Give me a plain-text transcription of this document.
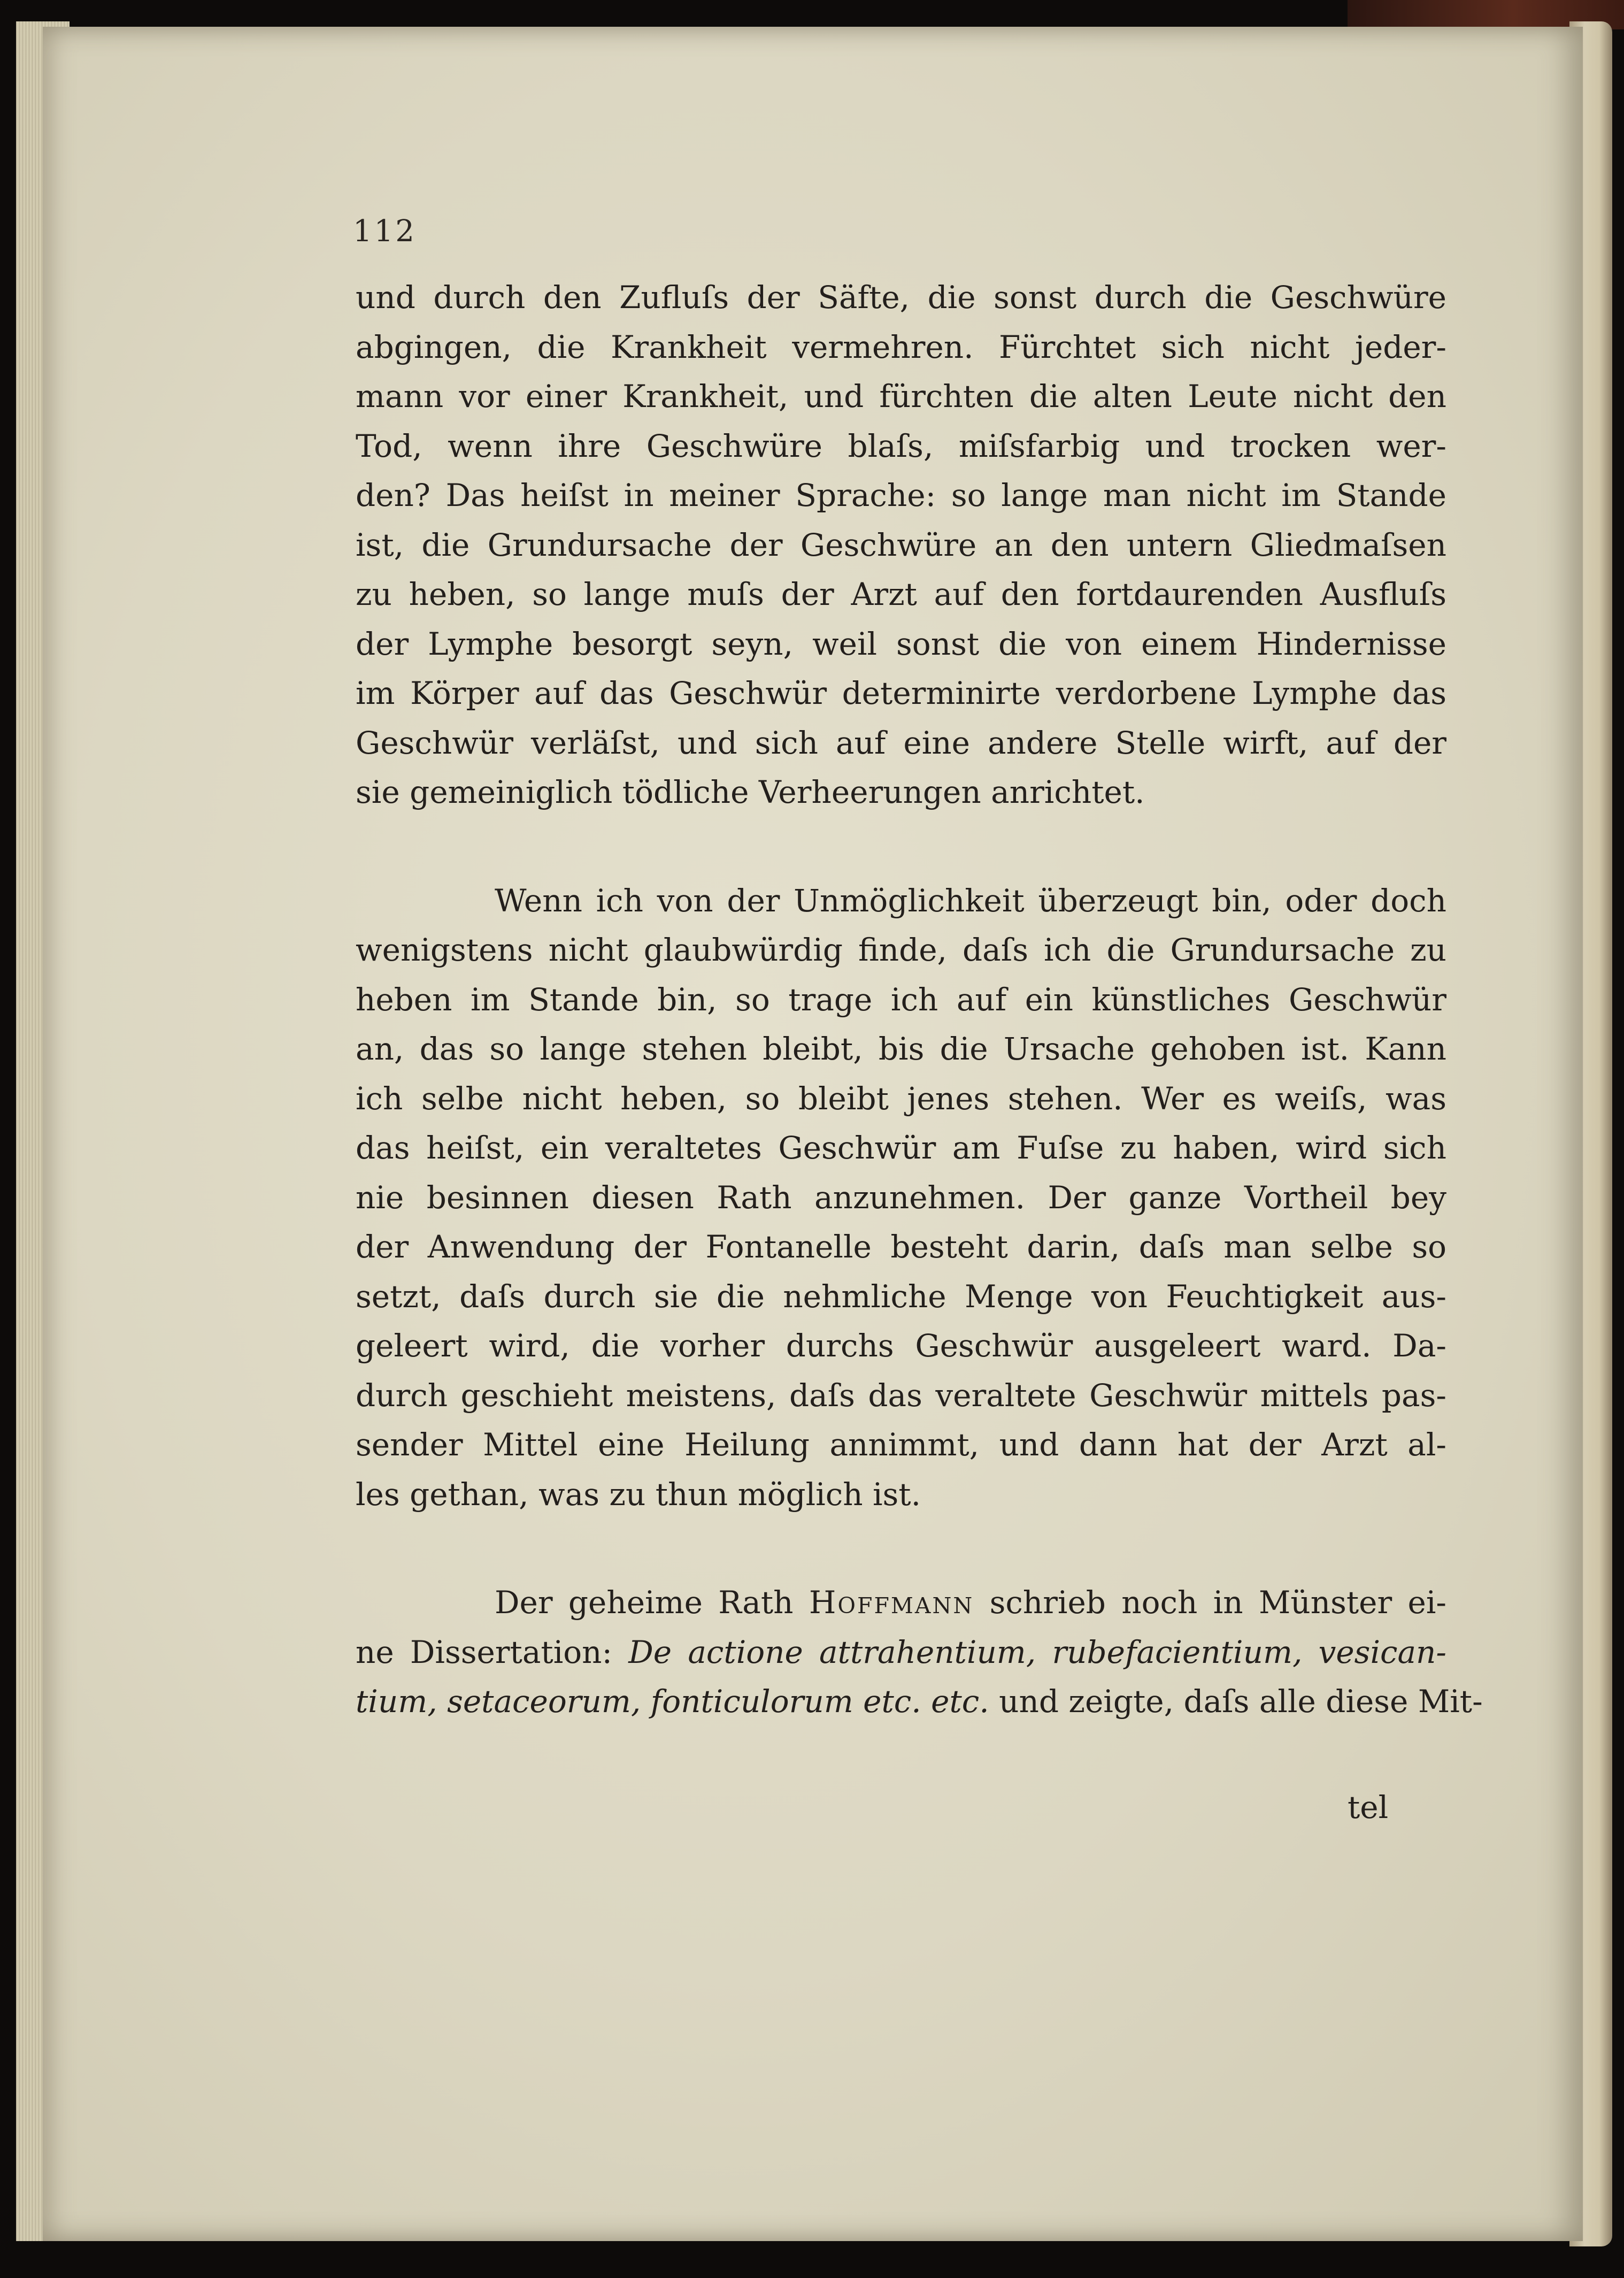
112
und durch den Zufluſs der Säfte, die sonst durch die Geschwüre
abgingen, die Krankheit vermehren. Fürchtet sich nicht jeder-
mann vor einer Krankheit, und fürchten die alten Leute nicht den
Tod, wenn ihre Geschwüre blaſs, miſsfarbig und trocken wer-
den? Das heiſst in meiner Sprache: so lange man nicht im Stande
ist, die Grundursache der Geschwüre an den untern Gliedmaſsen
zu heben, so lange muſs der Arzt auf den fortdaurenden Ausfluſs
der Lymphe besorgt seyn, weil sonst die von einem Hindernisse
im Körper auf das Geschwür determinirte verdorbene Lymphe das
Geschwür verläſst, und sich auf eine andere Stelle wirft, auf der
sie gemeiniglich tödliche Verheerungen anrichtet.
Wenn ich von der Unmöglichkeit überzeugt bin, oder doch
wenigstens nicht glaubwürdig finde, daſs ich die Grundursache zu
heben im Stande bin, so trage ich auf ein künstliches Geschwür
an, das so lange stehen bleibt, bis die Ursache gehoben ist. Kann
ich selbe nicht heben, so bleibt jenes stehen. Wer es weiſs, was
das heiſst, ein veraltetes Geschwür am Fuſse zu haben, wird sich
nie besinnen diesen Rath anzunehmen. Der ganze Vortheil bey
der Anwendung der Fontanelle besteht darin, daſs man selbe so
setzt, daſs durch sie die nehmliche Menge von Feuchtigkeit aus-
geleert wird, die vorher durchs Geschwür ausgeleert ward. Da-
durch geschieht meistens, daſs das veraltete Geschwür mittels pas-
sender Mittel eine Heilung annimmt, und dann hat der Arzt al-
les gethan, was zu thun möglich ist.
Der geheime Rath Hoffmann schrieb noch in Münster ei-
ne Dissertation: De actione attrahentium, rubefacientium, vesican-
tium, setaceorum, fonticulorum etc. etc. und zeigte, daſs alle diese Mit-
tel
